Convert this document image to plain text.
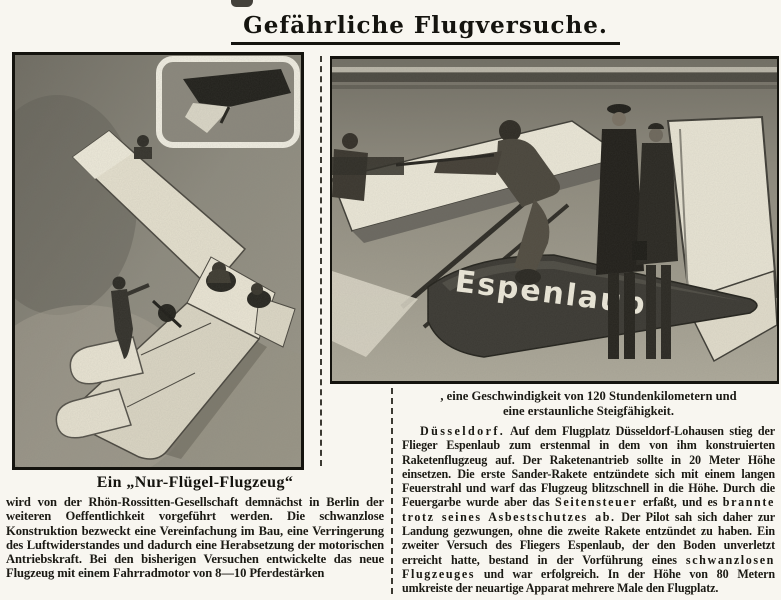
Gefährliche Flugversuche.
Ein „Nur-Flügel-Flugzeug“
wird von der Rhön-Rossitten-Gesellschaft demnächst in Berlin der weiteren Oeffentlichkeit vorgeführt werden. Die schwanzlose Konstruktion bezweckt eine Vereinfachung im Bau, eine Verringerung des Luftwiderstandes und dadurch eine Herabsetzung der motorischen Antriebskraft. Bei den bisherigen Versuchen entwickelte das neue Flugzeug mit einem Fahrradmotor von 8—10 Pferdestärken
, eine Geschwindigkeit von 120 Stundenkilometern und
eine erstaunliche Steigfähigkeit.
Düsseldorf. Auf dem Flugplatz Düsseldorf-Lohausen stieg der Flieger Espenlaub zum erstenmal in dem von ihm konstruierten Raketenflugzeug auf. Der Raketenantrieb sollte in 20 Meter Höhe einsetzen. Die erste Sander-Rakete entzündete sich mit einem langen Feuerstrahl und warf das Flugzeug blitzschnell in die Höhe. Durch die Feuergarbe wurde aber das Seitensteuer erfaßt, und es brannte trotz seines Asbestschutzes ab. Der Pilot sah sich daher zur Landung gezwungen, ohne die zweite Rakete entzündet zu haben. Ein zweiter Versuch des Fliegers Espenlaub, der den Boden unverletzt erreicht hatte, bestand in der Vorführung eines schwanzlosen Flugzeuges und war erfolgreich. In der Höhe von 80 Metern umkreiste der neuartige Apparat mehrere Male den Flugplatz.
